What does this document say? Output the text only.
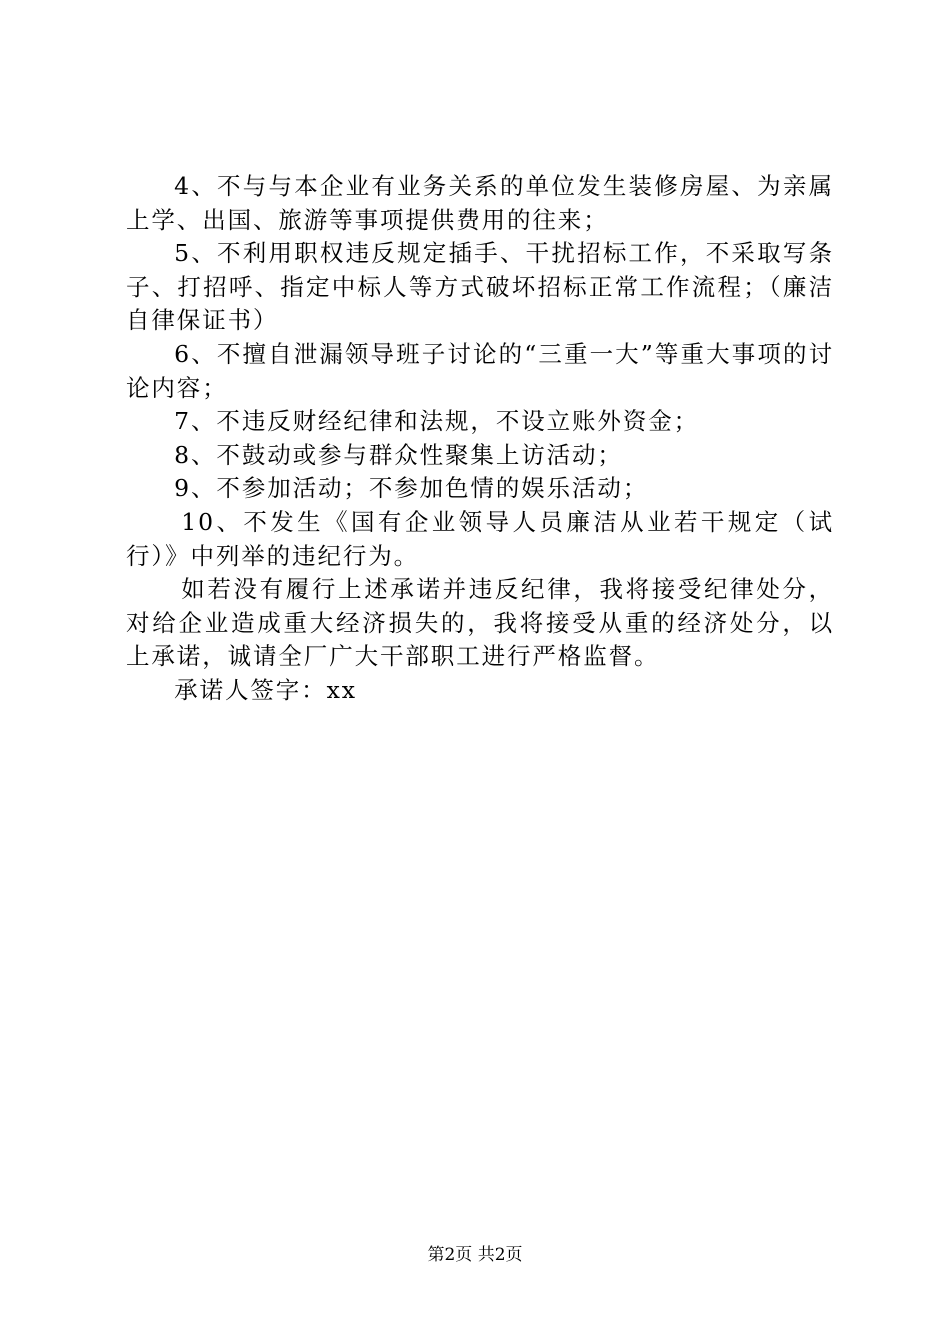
4、不与与本企业有业务关系的单位发生装修房屋、为亲属上学、出国、旅游等事项提供费用的往来；

5、不利用职权违反规定插手、干扰招标工作，不采取写条子、打招呼、指定中标人等方式破坏招标正常工作流程；（廉洁自律保证书）

6、不擅自泄漏领导班子讨论的“三重一大”等重大事项的讨论内容；

7、不违反财经纪律和法规，不设立账外资金；

8、不鼓动或参与群众性聚集上访活动；

9、不参加活动；不参加色情的娱乐活动；

10、不发生《国有企业领导人员廉洁从业若干规定（试行）》中列举的违纪行为。

如若没有履行上述承诺并违反纪律，我将接受纪律处分，对给企业造成重大经济损失的，我将接受从重的经济处分，以上承诺，诚请全厂广大干部职工进行严格监督。

承诺人签字：xx

第2页 共2页
